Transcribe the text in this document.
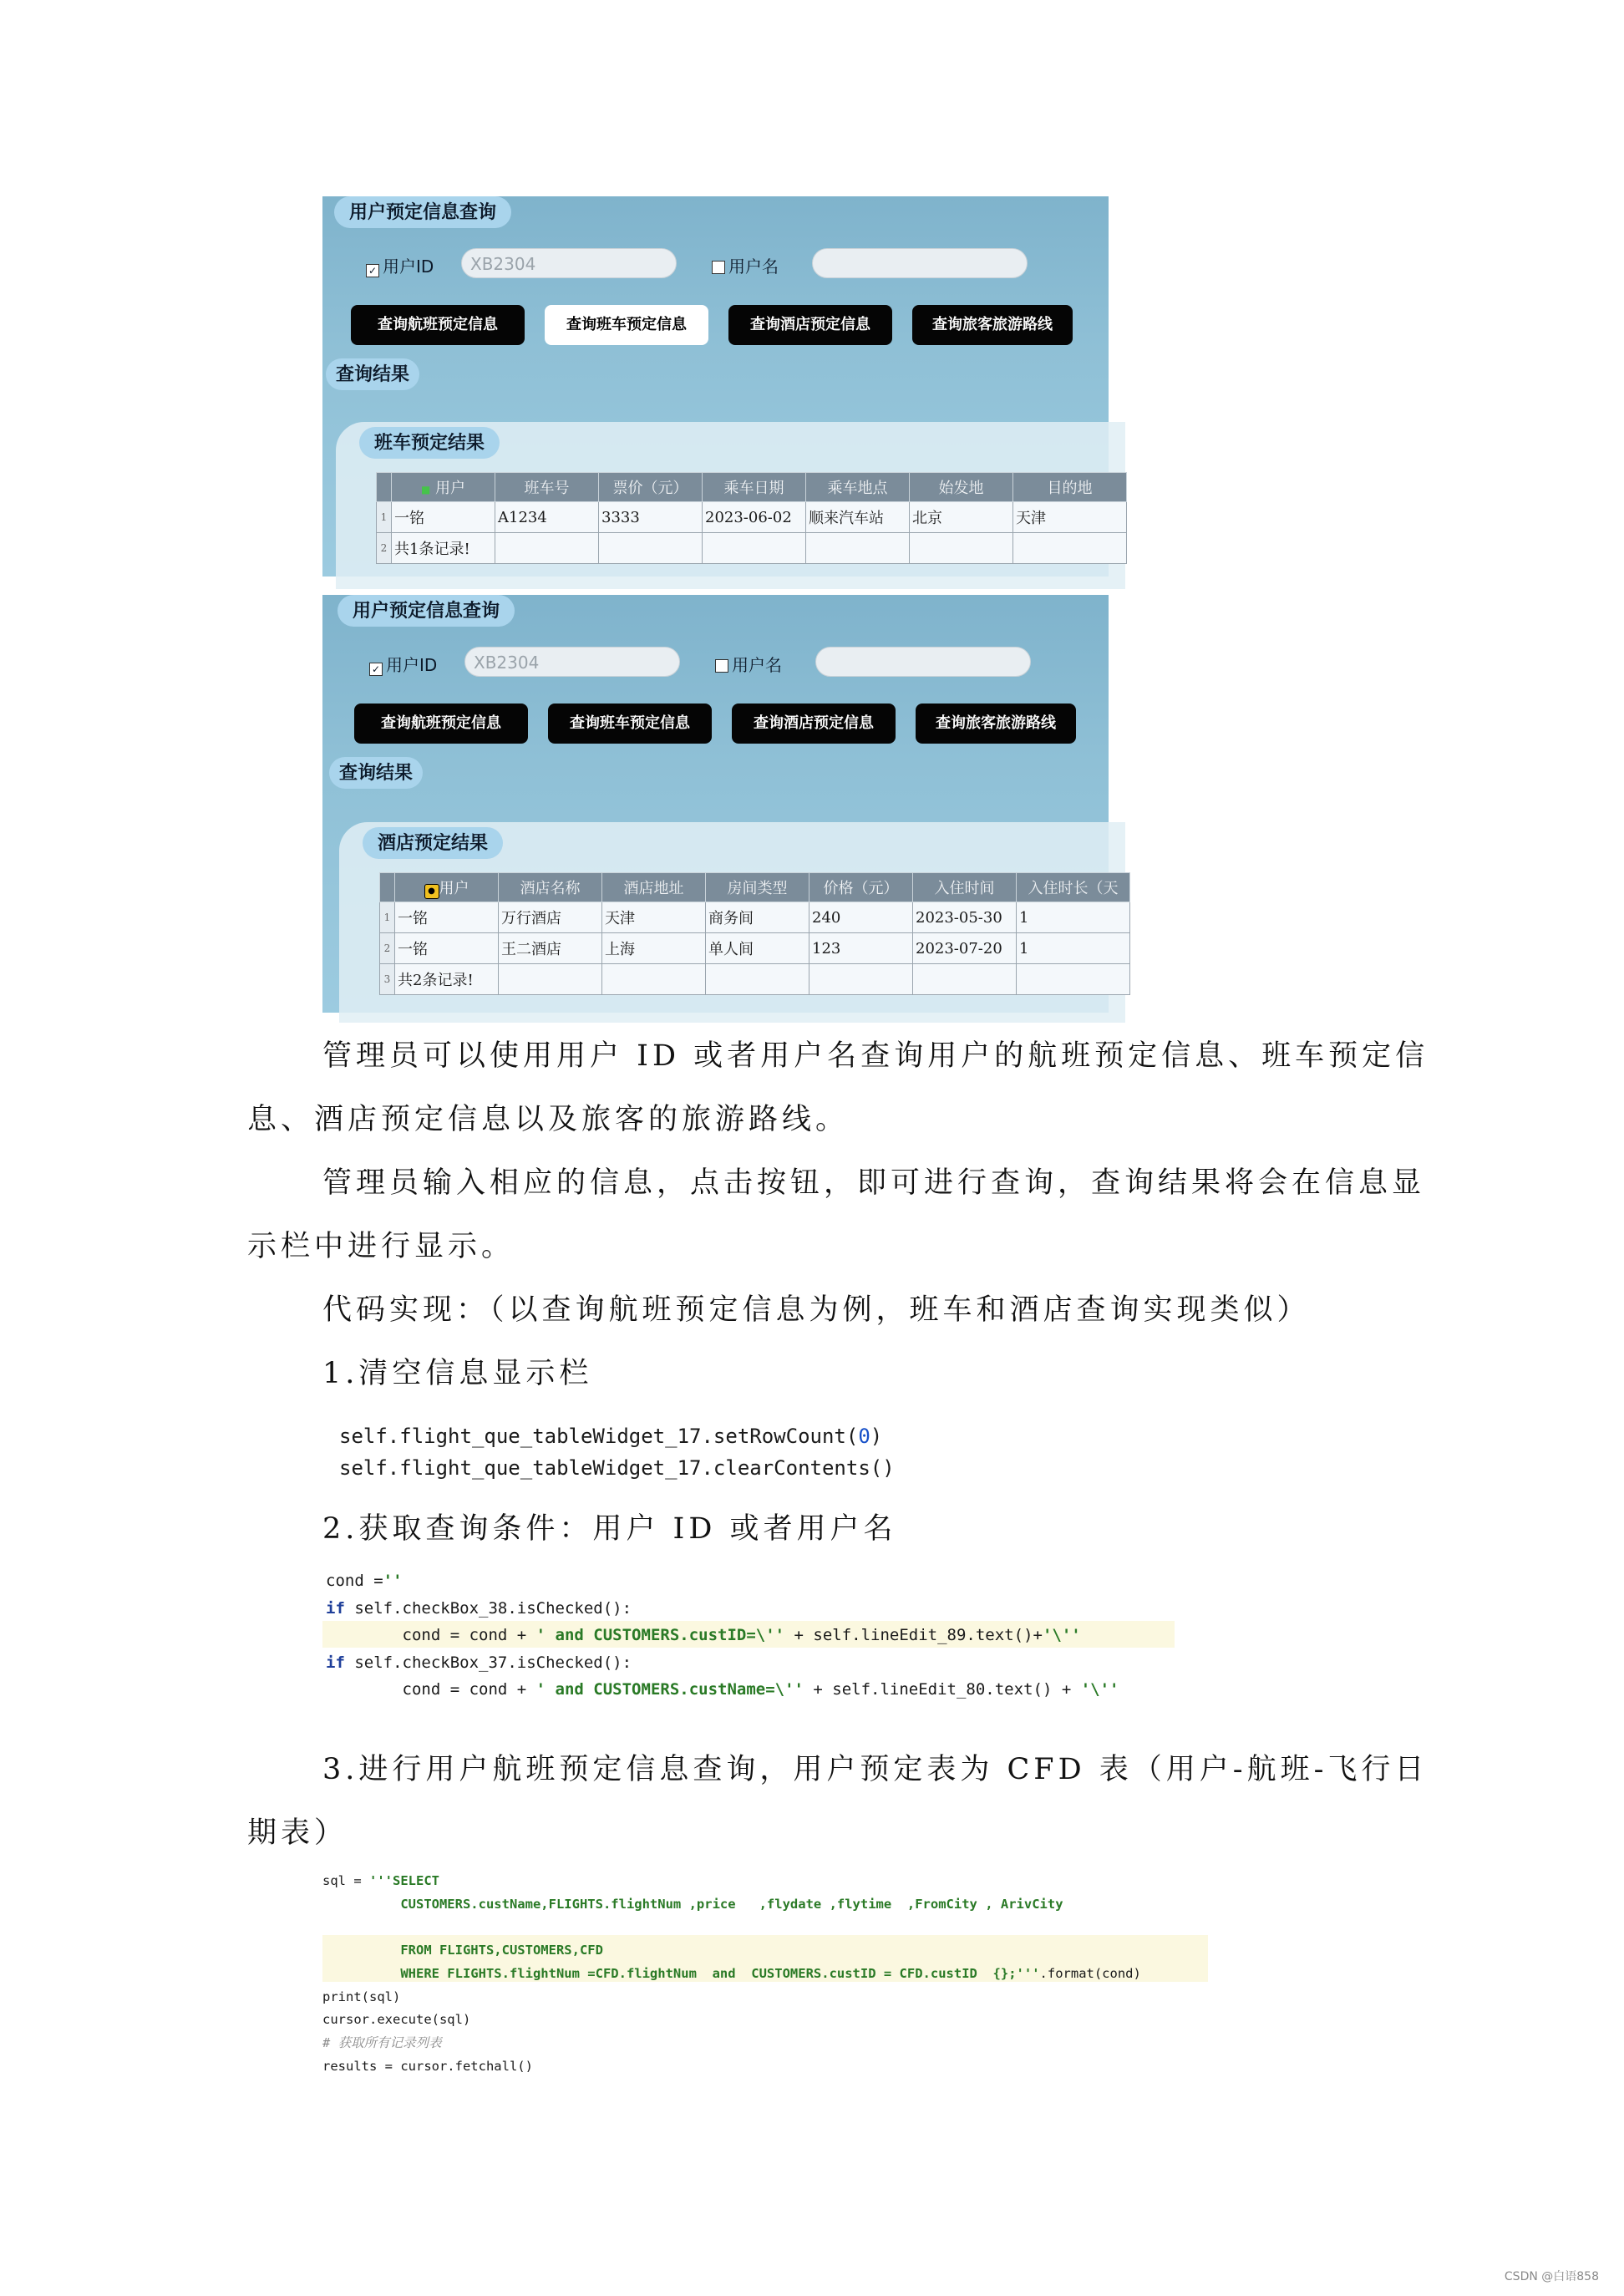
用户预定信息查询
✓ 用户ID	XB2304	用户名
查询航班预定信息	查询班车预定信息	查询酒店预定信息	查询旅客旅游路线
查询结果
班车预定结果
	■ 用户	班车号	票价（元）	乘车日期	乘车地点	始发地	目的地
1	一铭	A1234	3333	2023-06-02	顺来汽车站	北京	天津
2	共1条记录!						
用户预定信息查询
✓ 用户ID	XB2304	用户名
查询航班预定信息	查询班车预定信息	查询酒店预定信息	查询旅客旅游路线
查询结果
酒店预定结果
	● 用户	酒店名称	酒店地址	房间类型	价格（元）	入住时间	入住时长（天
1	一铭	万行酒店	天津	商务间	240	2023-05-30	1
2	一铭	王二酒店	上海	单人间	123	2023-07-20	1
3	共2条记录!						
管理员可以使用用户 ID 或者用户名查询用户的航班预定信息、班车预定信
息、酒店预定信息以及旅客的旅游路线。
管理员输入相应的信息，点击按钮，即可进行查询，查询结果将会在信息显
示栏中进行显示。
代码实现：（以查询航班预定信息为例，班车和酒店查询实现类似）
1.清空信息显示栏
self.flight_que_tableWidget_17.setRowCount(0)
self.flight_que_tableWidget_17.clearContents()
2.获取查询条件：用户 ID 或者用户名
cond =''
if self.checkBox_38.isChecked():
cond = cond + ' and CUSTOMERS.custID=\'' + self.lineEdit_89.text()+'\''
if self.checkBox_37.isChecked():
cond = cond + ' and CUSTOMERS.custName=\'' + self.lineEdit_80.text() + '\''
3.进行用户航班预定信息查询，用户预定表为 CFD 表（用户-航班-飞行日
期表）
sql = '''SELECT
CUSTOMERS.custName,FLIGHTS.flightNum ,price   ,flydate ,flytime  ,FromCity , ArivCity

FROM FLIGHTS,CUSTOMERS,CFD
WHERE FLIGHTS.flightNum =CFD.flightNum  and  CUSTOMERS.custID = CFD.custID  {};'''.format(cond)
print(sql)
cursor.execute(sql)
# 获取所有记录列表
results = cursor.fetchall()
CSDN @白语858
